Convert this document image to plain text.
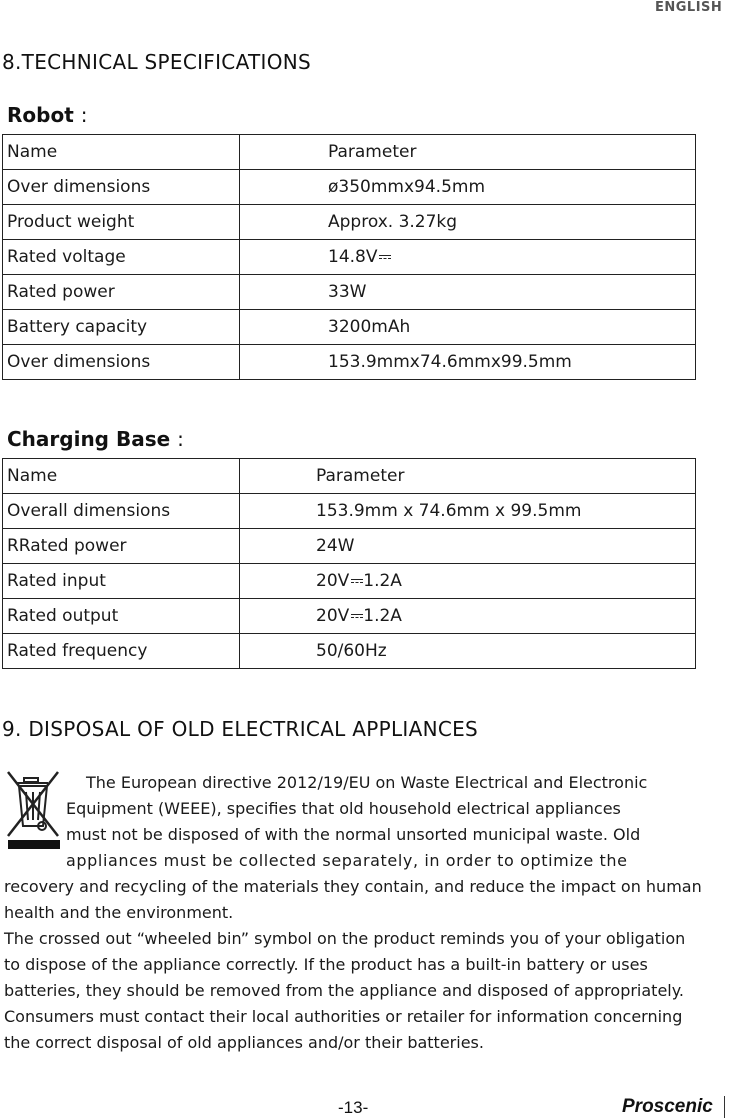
ENGLISH
8.TECHNICAL SPECIFICATIONS
Robot :
Name	Parameter
Over dimensions	ø350mmx94.5mm
Product weight	Approx. 3.27kg
Rated voltage	14.8V
Rated power	33W
Battery capacity	3200mAh
Over dimensions	153.9mmx74.6mmx99.5mm
Charging Base :
Name	Parameter
Overall dimensions	153.9mm x 74.6mm x 99.5mm
RRated power	24W
Rated input	20V 1.2A
Rated output	20V 1.2A
Rated frequency	50/60Hz
9. DISPOSAL OF OLD ELECTRICAL APPLIANCES

The European directive 2012/19/EU on Waste Electrical and Electronic

Equipment (WEEE), specifies that old household electrical appliances

must not be disposed of with the normal unsorted municipal waste. Old

appliances must be collected separately, in order to optimize the

recovery and recycling of the materials they contain, and reduce the impact on human health and the environment.

The crossed out “wheeled bin” symbol on the product reminds you of your obligation to dispose of the appliance correctly. If the product has a built-in battery or uses batteries, they should be removed from the appliance and disposed of appropriately.

Consumers must contact their local authorities or retailer for information concerning the correct disposal of old appliances and/or their batteries.

-13-	Proscenic
